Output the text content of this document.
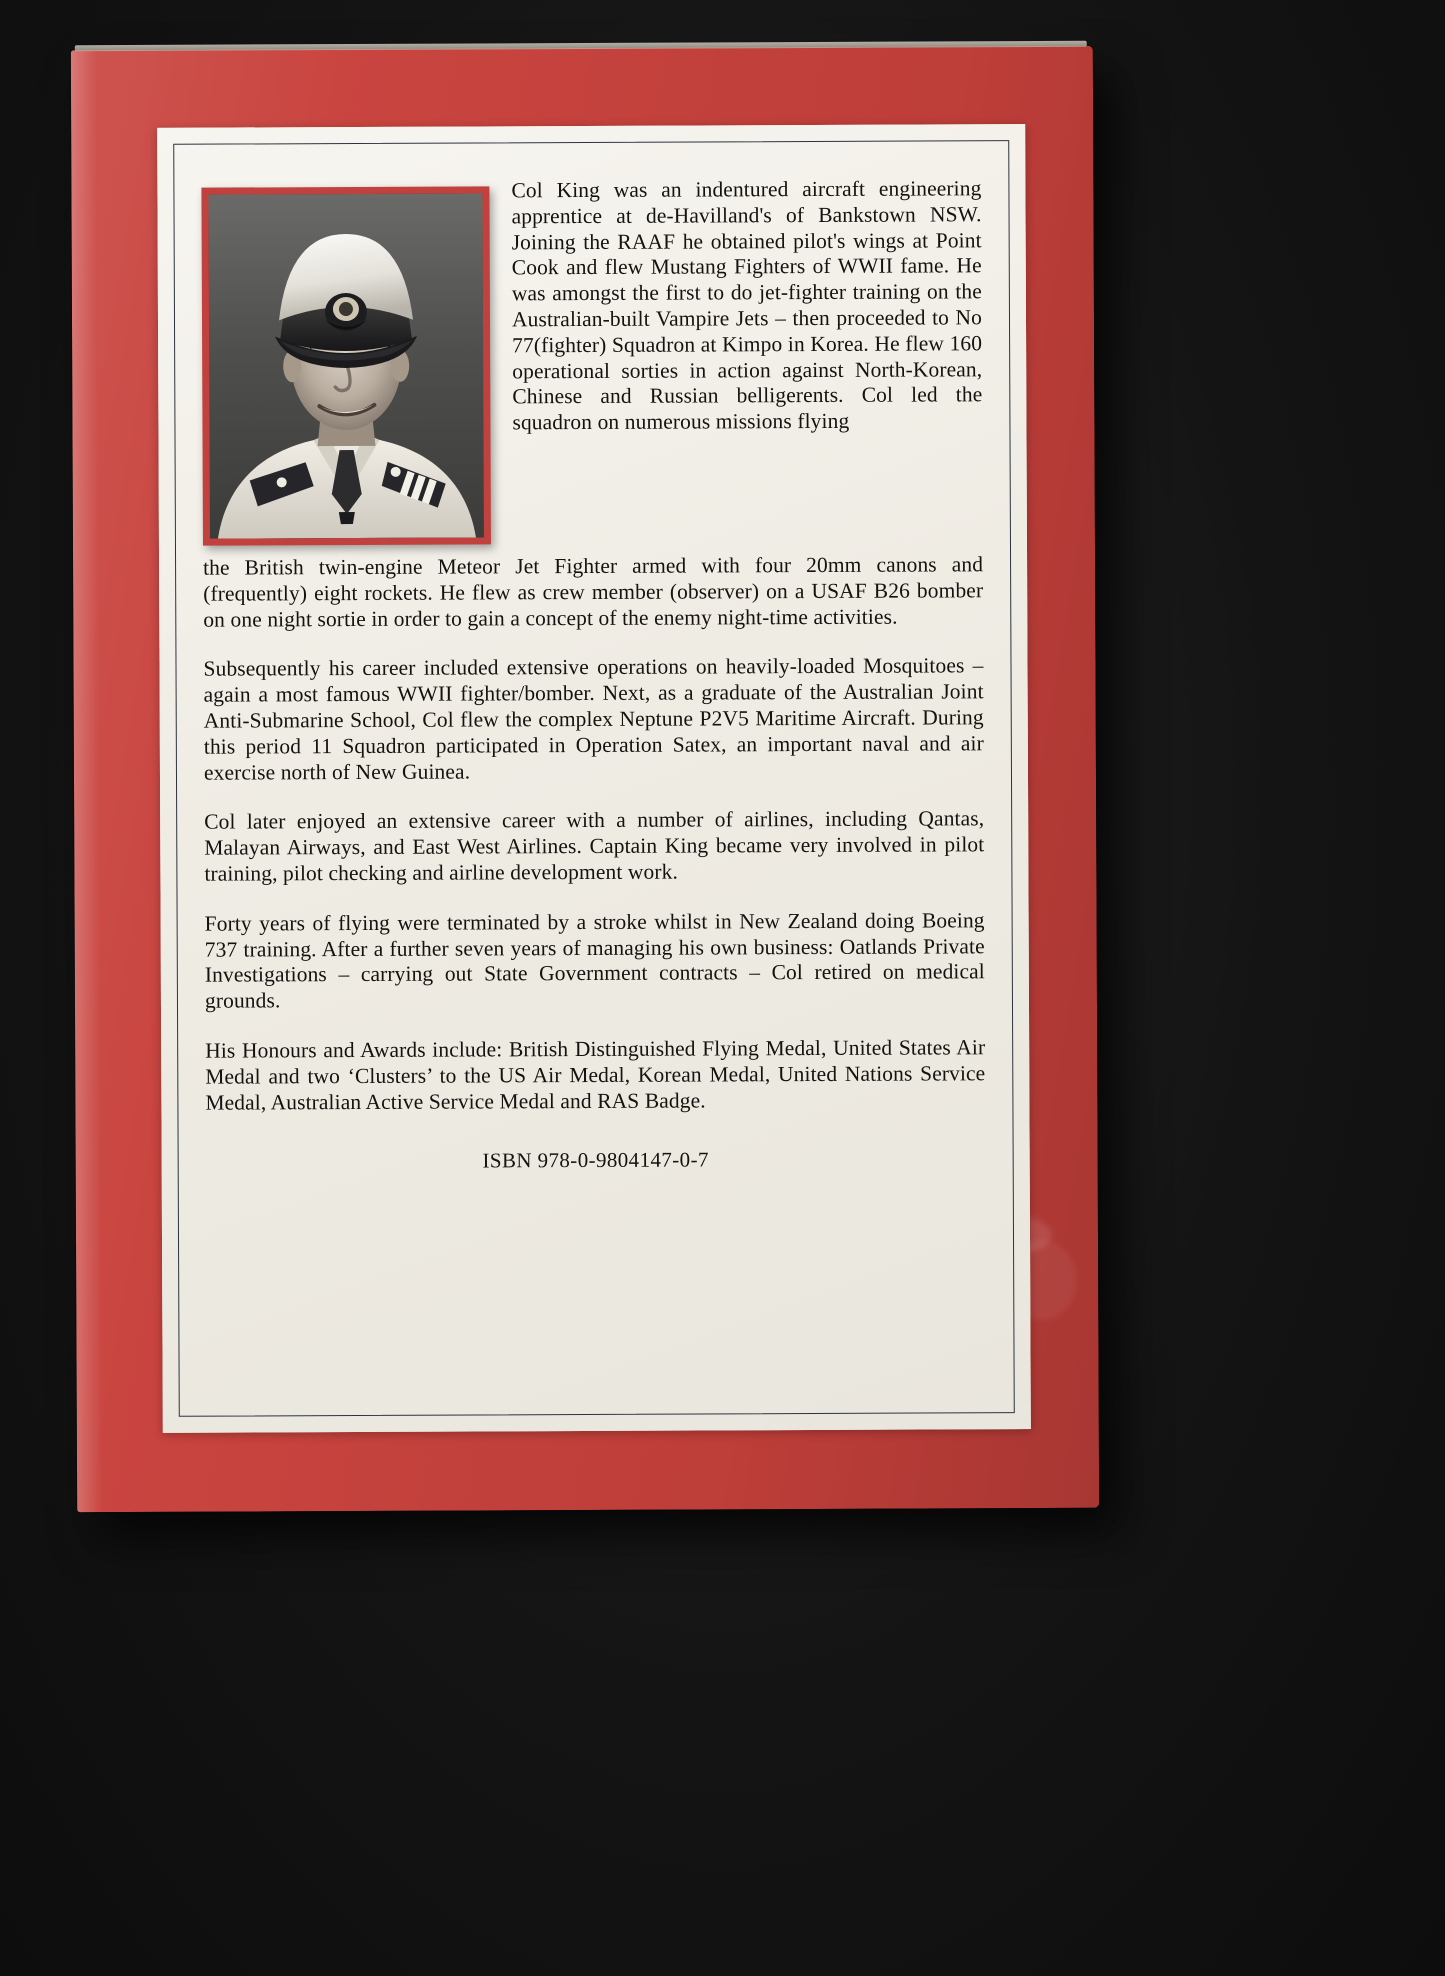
Col King was an indentured aircraft engineering apprentice at de-Havilland's of Bankstown NSW. Joining the RAAF he obtained pilot's wings at Point Cook and flew Mustang Fighters of WWII fame. He was amongst the first to do jet-fighter training on the Australian-built Vampire Jets – then proceeded to No 77(fighter) Squadron at Kimpo in Korea. He flew 160 operational sorties in action against North-Korean, Chinese and Russian belligerents. Col led the squadron on numerous missions flying

the British twin-engine Meteor Jet Fighter armed with four 20mm canons and (frequently) eight rockets. He flew as crew member (observer) on a USAF B26 bomber on one night sortie in order to gain a concept of the enemy night-time activities.

Subsequently his career included extensive operations on heavily-loaded Mosquitoes – again a most famous WWII fighter/bomber. Next, as a graduate of the Australian Joint Anti-Submarine School, Col flew the complex Neptune P2V5 Maritime Aircraft. During this period 11 Squadron participated in Operation Satex, an important naval and air exercise north of New Guinea.

Col later enjoyed an extensive career with a number of airlines, including Qantas, Malayan Airways, and East West Airlines. Captain King became very involved in pilot training, pilot checking and airline development work.

Forty years of flying were terminated by a stroke whilst in New Zealand doing Boeing 737 training. After a further seven years of managing his own business: Oatlands Private Investigations – carrying out State Government contracts – Col retired on medical grounds.

His Honours and Awards include: British Distinguished Flying Medal, United States Air Medal and two ‘Clusters’ to the US Air Medal, Korean Medal, United Nations Service Medal, Australian Active Service Medal and RAS Badge.

ISBN 978-0-9804147-0-7
